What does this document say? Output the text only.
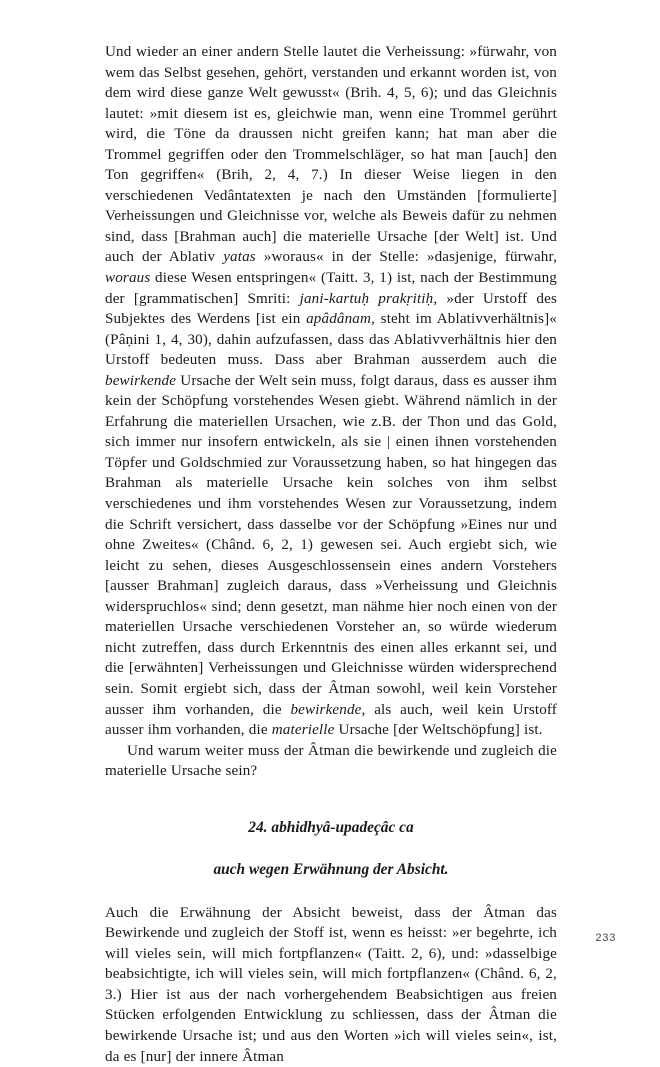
Und wieder an einer andern Stelle lautet die Verheissung: »fürwahr, von wem das Selbst gesehen, gehört, verstanden und erkannt worden ist, von dem wird diese ganze Welt gewusst« (Brih. 4, 5, 6); und das Gleichnis lautet: »mit diesem ist es, gleichwie man, wenn eine Trommel gerührt wird, die Töne da draussen nicht greifen kann; hat man aber die Trommel gegriffen oder den Trommelschläger, so hat man [auch] den Ton gegriffen« (Brih, 2, 4, 7.) In dieser Weise liegen in den verschiedenen Vedântatexten je nach den Umständen [formulierte] Verheissungen und Gleichnisse vor, welche als Beweis dafür zu nehmen sind, dass [Brahman auch] die materielle Ursache [der Welt] ist. Und auch der Ablativ yatas »woraus« in der Stelle: »dasjenige, fürwahr, woraus diese Wesen entspringen« (Taitt. 3, 1) ist, nach der Bestimmung der [grammatischen] Smriti: jani-kartuḥ prakṛitiḥ, »der Urstoff des Subjektes des Werdens [ist ein apâdânam, steht im Ablativverhältnis]« (Pâṇini 1, 4, 30), dahin aufzufassen, dass das Ablativverhältnis hier den Urstoff bedeuten muss. Dass aber Brahman ausserdem auch die bewirkende Ursache der Welt sein muss, folgt daraus, dass es ausser ihm kein der Schöpfung vorstehendes Wesen giebt. Während nämlich in der Erfahrung die materiellen Ursachen, wie z.B. der Thon und das Gold, sich immer nur insofern entwickeln, als sie | einen ihnen vorstehenden Töpfer und Goldschmied zur Voraussetzung haben, so hat hingegen das Brahman als materielle Ursache kein solches von ihm selbst verschiedenes und ihm vorstehendes Wesen zur Voraussetzung, indem die Schrift versichert, dass dasselbe vor der Schöpfung »Eines nur und ohne Zweites« (Chând. 6, 2, 1) gewesen sei. Auch ergiebt sich, wie leicht zu sehen, dieses Ausgeschlossensein eines andern Vorstehers [ausser Brahman] zugleich daraus, dass »Verheissung und Gleichnis widerspruchlos« sind; denn gesetzt, man nähme hier noch einen von der materiellen Ursache verschiedenen Vorsteher an, so würde wiederum nicht zutreffen, dass durch Erkenntnis des einen alles erkannt sei, und die [erwähnten] Verheissungen und Gleichnisse würden widersprechend sein. Somit ergiebt sich, dass der Âtman sowohl, weil kein Vorsteher ausser ihm vorhanden, die bewirkende, als auch, weil kein Urstoff ausser ihm vorhanden, die materielle Ursache [der Weltschöpfung] ist.

Und warum weiter muss der Âtman die bewirkende und zugleich die materielle Ursache sein?

24. abhidhyâ-upadeçâc ca

auch wegen Erwähnung der Absicht.

Auch die Erwähnung der Absicht beweist, dass der Âtman das Bewirkende und zugleich der Stoff ist, wenn es heisst: »er begehrte, ich will vieles sein, will mich fortpflanzen« (Taitt. 2, 6), und: »dasselbige beabsichtigte, ich will vieles sein, will mich fortpflanzen« (Chând. 6, 2, 3.) Hier ist aus der nach vorhergehendem Beabsichtigen aus freien Stücken erfolgenden Entwicklung zu schliessen, dass der Âtman die bewirkende Ursache ist; und aus den Worten »ich will vieles sein«, ist, da es [nur] der innere Âtman

233
